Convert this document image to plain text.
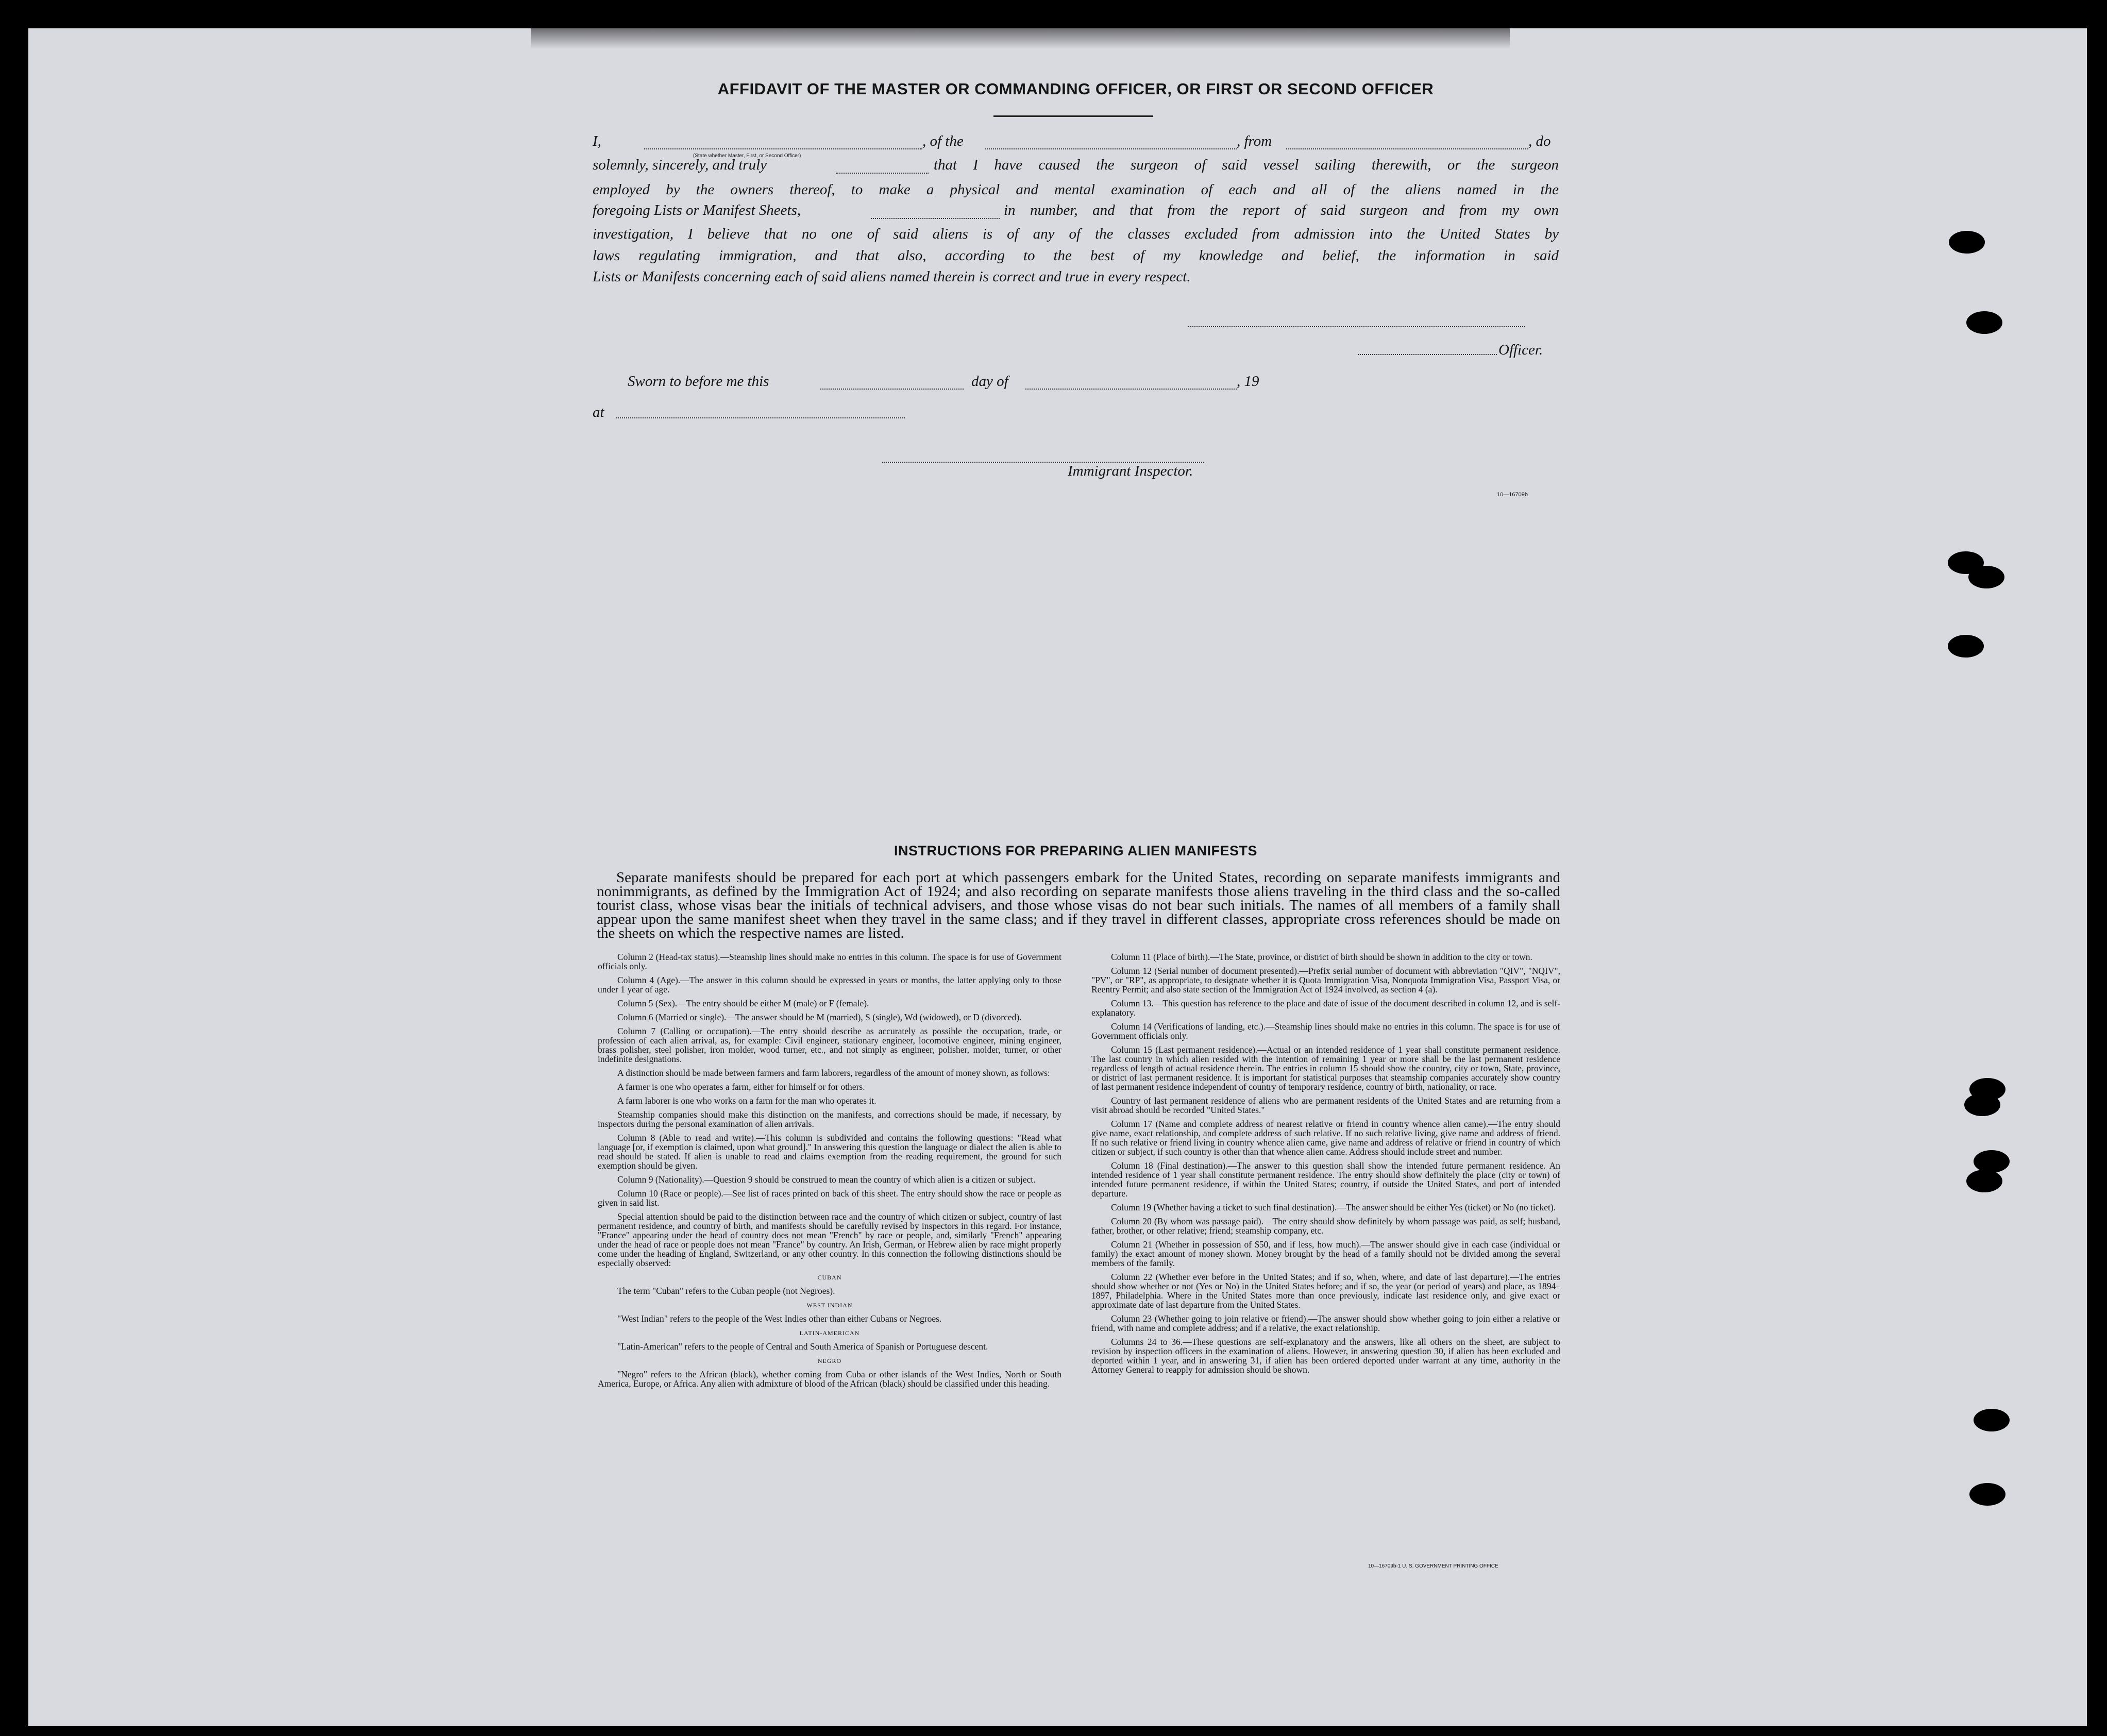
AFFIDAVIT OF THE MASTER OR COMMANDING OFFICER, OR FIRST OR SECOND OFFICER
I,	, of the	, from	, do
(State whether Master, First, or Second Officer)
solemnly, sincerely, and truly	that I have caused the surgeon of said vessel sailing therewith, or the surgeon
employed by the owners thereof, to make a physical and mental examination of each and all of the aliens named in the
foregoing Lists or Manifest Sheets,	in number, and that from the report of said surgeon and from my own
investigation, I believe that no one of said aliens is of any of the classes excluded from admission into the United States by
laws regulating immigration, and that also, according to the best of my knowledge and belief, the information in said
Lists or Manifests concerning each of said aliens named therein is correct and true in every respect.
Officer.
Sworn to before me this	day of	, 19
at
Immigrant Inspector.
10—16709b
INSTRUCTIONS FOR PREPARING ALIEN MANIFESTS
Separate manifests should be prepared for each port at which passengers embark for the United States, recording on separate manifests immigrants and nonimmigrants, as defined by the Immigration Act of 1924; and also recording on separate manifests those aliens traveling in the third class and the so-called tourist class, whose visas bear the initials of technical advisers, and those whose visas do not bear such initials. The names of all members of a family shall appear upon the same manifest sheet when they travel in the same class; and if they travel in different classes, appropriate cross references should be made on the sheets on which the respective names are listed.

Column 2 (Head-tax status).—Steamship lines should make no entries in this column. The space is for use of Government officials only.

Column 4 (Age).—The answer in this column should be expressed in years or months, the latter applying only to those under 1 year of age.

Column 5 (Sex).—The entry should be either M (male) or F (female).

Column 6 (Married or single).—The answer should be M (married), S (single), Wd (widowed), or D (divorced).

Column 7 (Calling or occupation).—The entry should describe as accurately as possible the occupation, trade, or profession of each alien arrival, as, for example: Civil engineer, stationary engineer, locomotive engineer, mining engineer, brass polisher, steel polisher, iron molder, wood turner, etc., and not simply as engineer, polisher, molder, turner, or other indefinite designations.

A distinction should be made between farmers and farm laborers, regardless of the amount of money shown, as follows:

A farmer is one who operates a farm, either for himself or for others.

A farm laborer is one who works on a farm for the man who operates it.

Steamship companies should make this distinction on the manifests, and corrections should be made, if necessary, by inspectors during the personal examination of alien arrivals.

Column 8 (Able to read and write).—This column is subdivided and contains the following questions: "Read what language [or, if exemption is claimed, upon what ground]." In answering this question the language or dialect the alien is able to read should be stated. If alien is unable to read and claims exemption from the reading requirement, the ground for such exemption should be given.

Column 9 (Nationality).—Question 9 should be construed to mean the country of which alien is a citizen or subject.

Column 10 (Race or people).—See list of races printed on back of this sheet. The entry should show the race or people as given in said list.

Special attention should be paid to the distinction between race and the country of which citizen or subject, country of last permanent residence, and country of birth, and manifests should be carefully revised by inspectors in this regard. For instance, "France" appearing under the head of country does not mean "French" by race or people, and, similarly "French" appearing under the head of race or people does not mean "France" by country. An Irish, German, or Hebrew alien by race might properly come under the heading of England, Switzerland, or any other country. In this connection the following distinctions should be especially observed:

CUBAN

The term "Cuban" refers to the Cuban people (not Negroes).

WEST INDIAN

"West Indian" refers to the people of the West Indies other than either Cubans or Negroes.

LATIN-AMERICAN

"Latin-American" refers to the people of Central and South America of Spanish or Portuguese descent.

NEGRO

"Negro" refers to the African (black), whether coming from Cuba or other islands of the West Indies, North or South America, Europe, or Africa. Any alien with admixture of blood of the African (black) should be classified under this heading.

Column 11 (Place of birth).—The State, province, or district of birth should be shown in addition to the city or town.

Column 12 (Serial number of document presented).—Prefix serial number of document with abbreviation "QIV", "NQIV", "PV", or "RP", as appropriate, to designate whether it is Quota Immigration Visa, Nonquota Immigration Visa, Passport Visa, or Reentry Permit; and also state section of the Immigration Act of 1924 involved, as section 4 (a).

Column 13.—This question has reference to the place and date of issue of the document described in column 12, and is self-explanatory.

Column 14 (Verifications of landing, etc.).—Steamship lines should make no entries in this column. The space is for use of Government officials only.

Column 15 (Last permanent residence).—Actual or an intended residence of 1 year shall constitute permanent residence. The last country in which alien resided with the intention of remaining 1 year or more shall be the last permanent residence regardless of length of actual residence therein. The entries in column 15 should show the country, city or town, State, province, or district of last permanent residence. It is important for statistical purposes that steamship companies accurately show country of last permanent residence independent of country of temporary residence, country of birth, nationality, or race.

Country of last permanent residence of aliens who are permanent residents of the United States and are returning from a visit abroad should be recorded "United States."

Column 17 (Name and complete address of nearest relative or friend in country whence alien came).—The entry should give name, exact relationship, and complete address of such relative. If no such relative living, give name and address of friend. If no such relative or friend living in country whence alien came, give name and address of relative or friend in country of which citizen or subject, if such country is other than that whence alien came. Address should include street and number.

Column 18 (Final destination).—The answer to this question shall show the intended future permanent residence. An intended residence of 1 year shall constitute permanent residence. The entry should show definitely the place (city or town) of intended future permanent residence, if within the United States; country, if outside the United States, and port of intended departure.

Column 19 (Whether having a ticket to such final destination).—The answer should be either Yes (ticket) or No (no ticket).

Column 20 (By whom was passage paid).—The entry should show definitely by whom passage was paid, as self; husband, father, brother, or other relative; friend; steamship company, etc.

Column 21 (Whether in possession of $50, and if less, how much).—The answer should give in each case (individual or family) the exact amount of money shown. Money brought by the head of a family should not be divided among the several members of the family.

Column 22 (Whether ever before in the United States; and if so, when, where, and date of last departure).—The entries should show whether or not (Yes or No) in the United States before; and if so, the year (or period of years) and place, as 1894–1897, Philadelphia. Where in the United States more than once previously, indicate last residence only, and give exact or approximate date of last departure from the United States.

Column 23 (Whether going to join relative or friend).—The answer should show whether going to join either a relative or friend, with name and complete address; and if a relative, the exact relationship.

Columns 24 to 36.—These questions are self-explanatory and the answers, like all others on the sheet, are subject to revision by inspection officers in the examination of aliens. However, in answering question 30, if alien has been excluded and deported within 1 year, and in answering 31, if alien has been ordered deported under warrant at any time, authority in the Attorney General to reapply for admission should be shown.

10—16709b-1 U. S. GOVERNMENT PRINTING OFFICE
